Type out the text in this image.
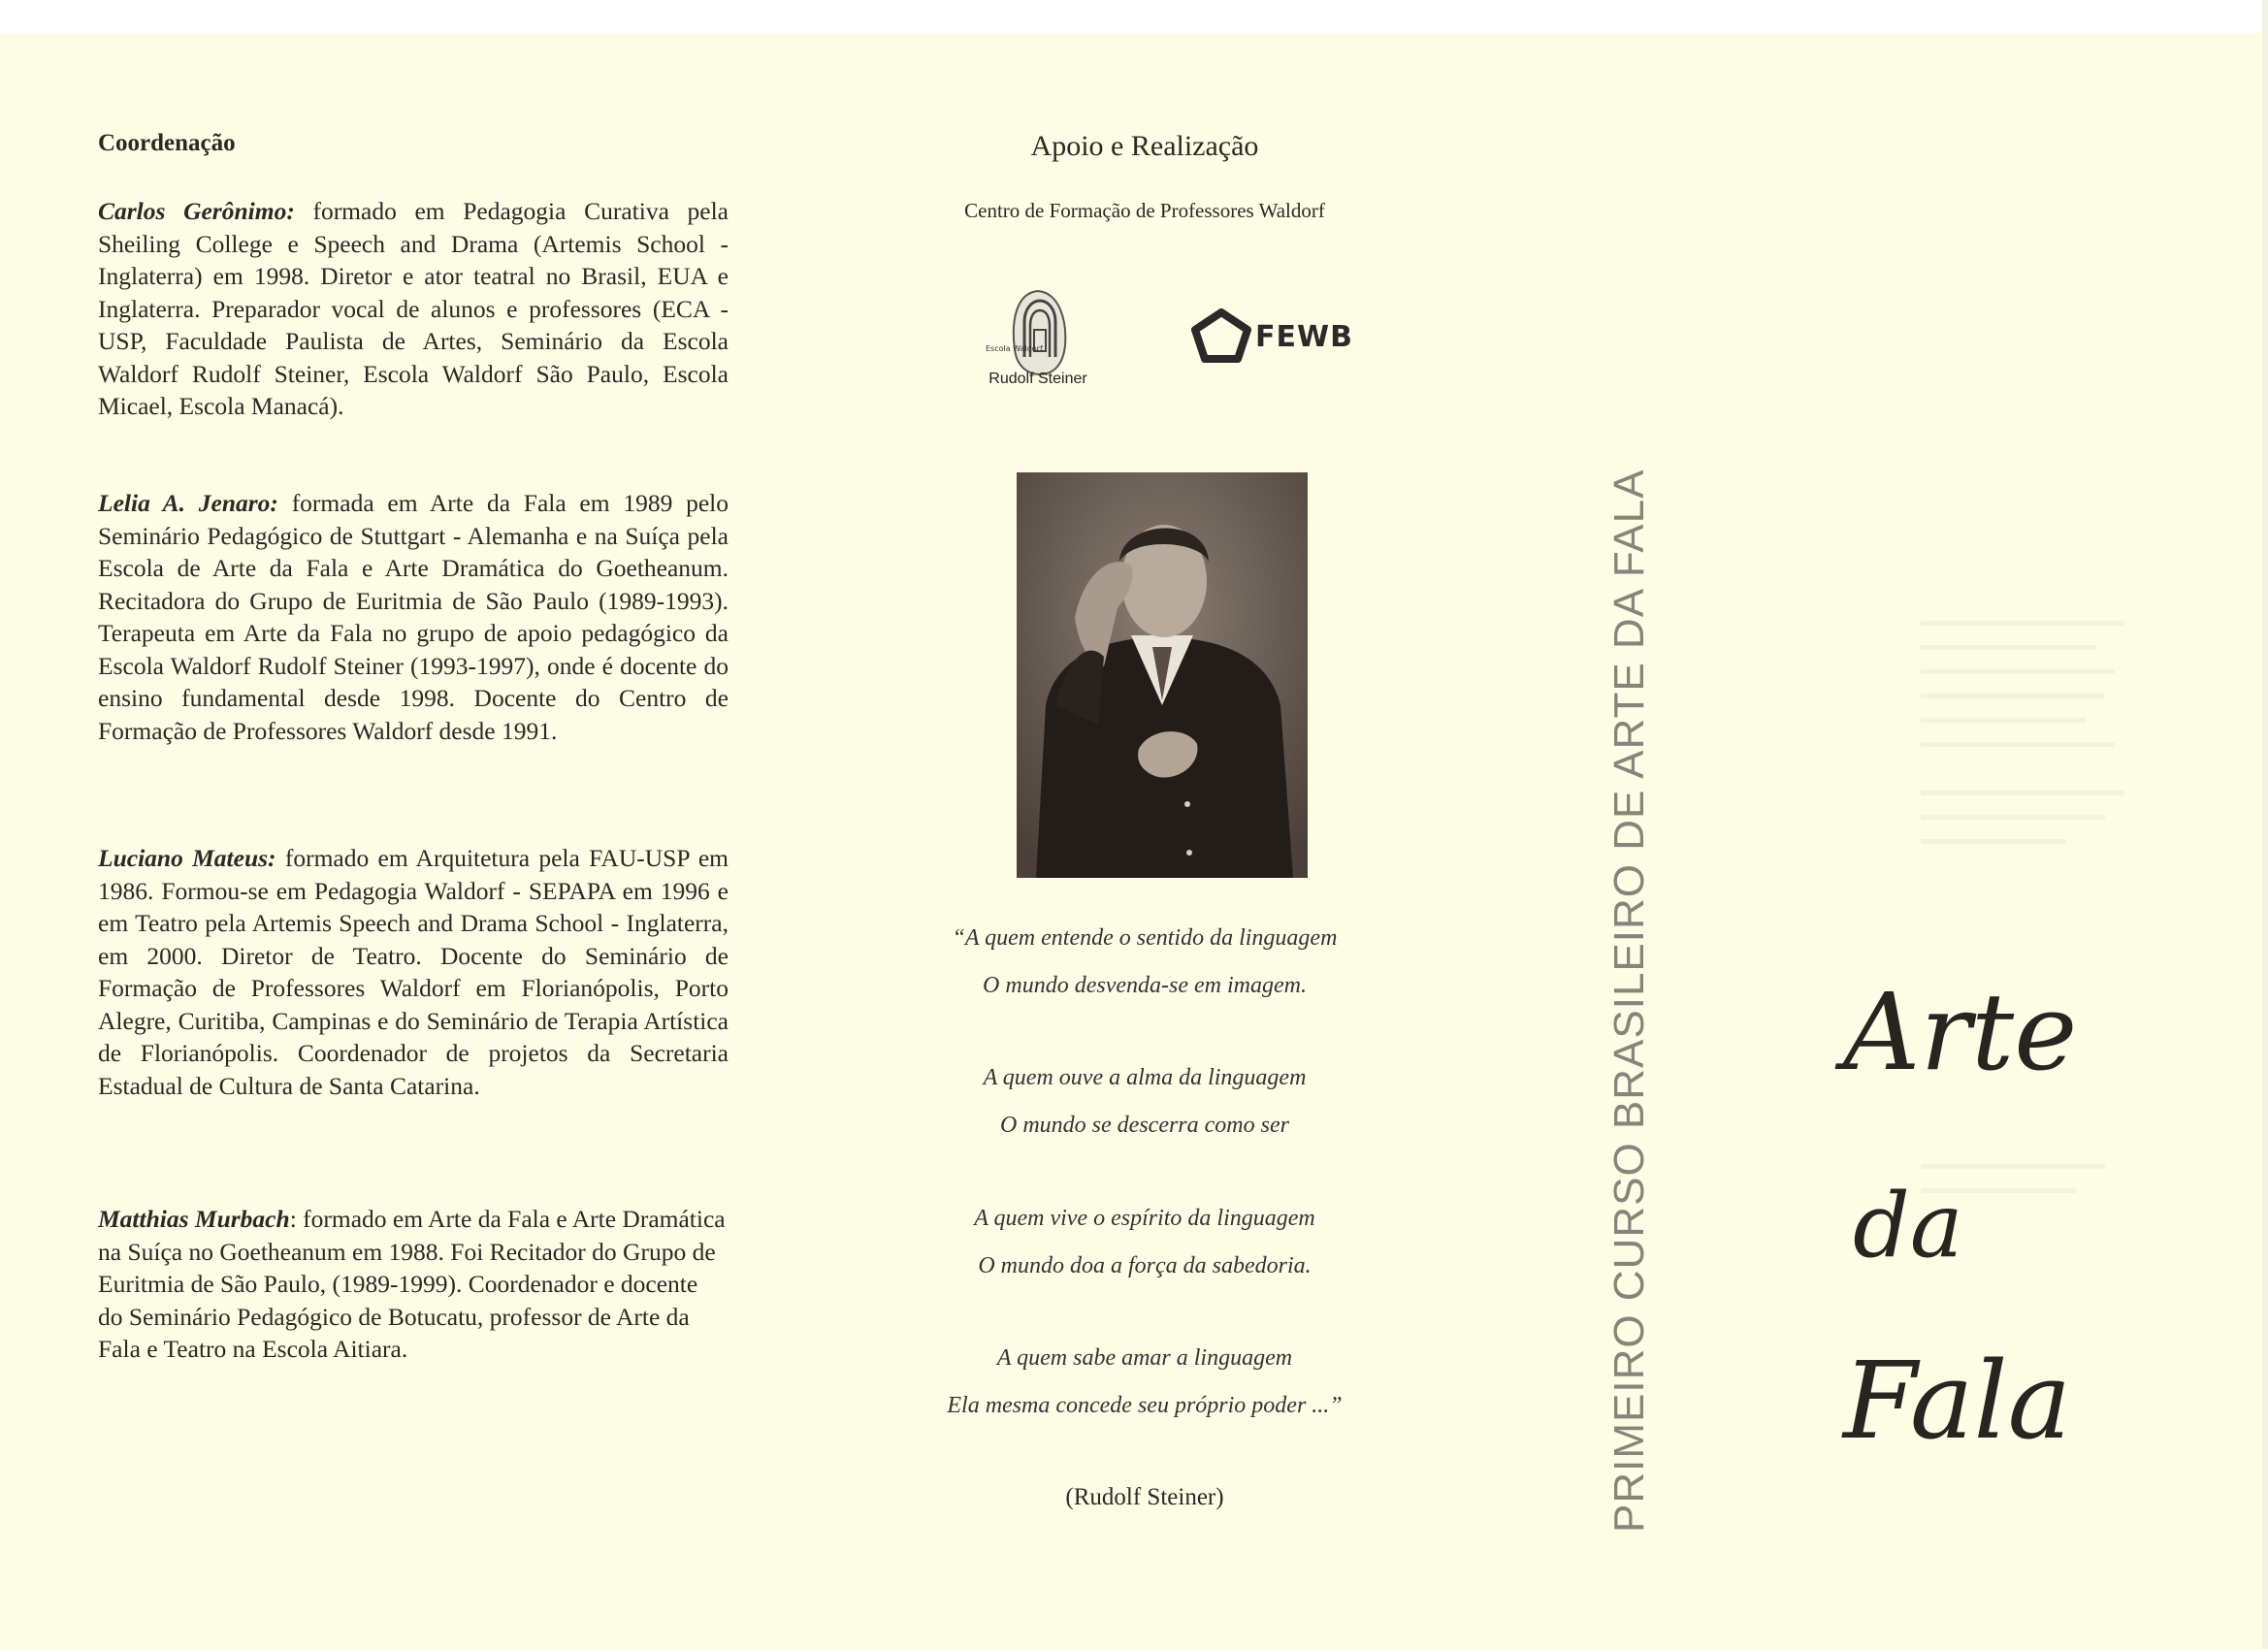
Coordenação

Carlos Gerônimo: formado em Pedagogia Curativa pela Sheiling College e Speech and Drama (Artemis School - Inglaterra) em 1998. Diretor e ator teatral no Brasil, EUA e Inglaterra. Preparador vocal de alunos e professores (ECA - USP, Faculdade Paulista de Artes, Seminário da Escola Waldorf Rudolf Steiner, Escola Waldorf São Paulo, Escola Micael, Escola Manacá).

Lelia A. Jenaro: formada em Arte da Fala em 1989 pelo Seminário Pedagógico de Stuttgart - Alemanha e na Suíça pela Escola de Arte da Fala e Arte Dramática do Goetheanum. Recitadora do Grupo de Euritmia de São Paulo (1989-1993). Terapeuta em Arte da Fala no grupo de apoio pedagógico da Escola Waldorf Rudolf Steiner (1993-1997), onde é docente do ensino fundamental desde 1998. Docente do Centro de Formação de Professores Waldorf desde 1991.

Luciano Mateus: formado em Arquitetura pela FAU-USP em 1986. Formou-se em Pedagogia Waldorf - SEPAPA em 1996 e em Teatro pela Artemis Speech and Drama School - Inglaterra, em 2000. Diretor de Teatro. Docente do Seminário de Formação de Professores Waldorf em Florianópolis, Porto Alegre, Curitiba, Campinas e do Seminário de Terapia Artística de Florianópolis. Coordenador de projetos da Secretaria Estadual de Cultura de Santa Catarina.

Matthias Murbach: formado em Arte da Fala e Arte Dramática na Suíça no Goetheanum em 1988. Foi Recitador do Grupo de Euritmia de São Paulo, (1989-1999). Coordenador e docente do Seminário Pedagógico de Botucatu, professor de Arte da Fala e Teatro na Escola Aitiara.

Apoio e Realização
Centro de Formação de Professores Waldorf
Escola Waldorf
Rudolf Steiner
FEWB
“A quem entende o sentido da linguagem
O mundo desvenda-se em imagem.
A quem ouve a alma da linguagem
O mundo se descerra como ser
A quem vive o espírito da linguagem
O mundo doa a força da sabedoria.
A quem sabe amar a linguagem
Ela mesma concede seu próprio poder ...”
(Rudolf Steiner)	PRIMEIRO CURSO BRASILEIRO DE ARTE DA FALA Arte
da
Fala
